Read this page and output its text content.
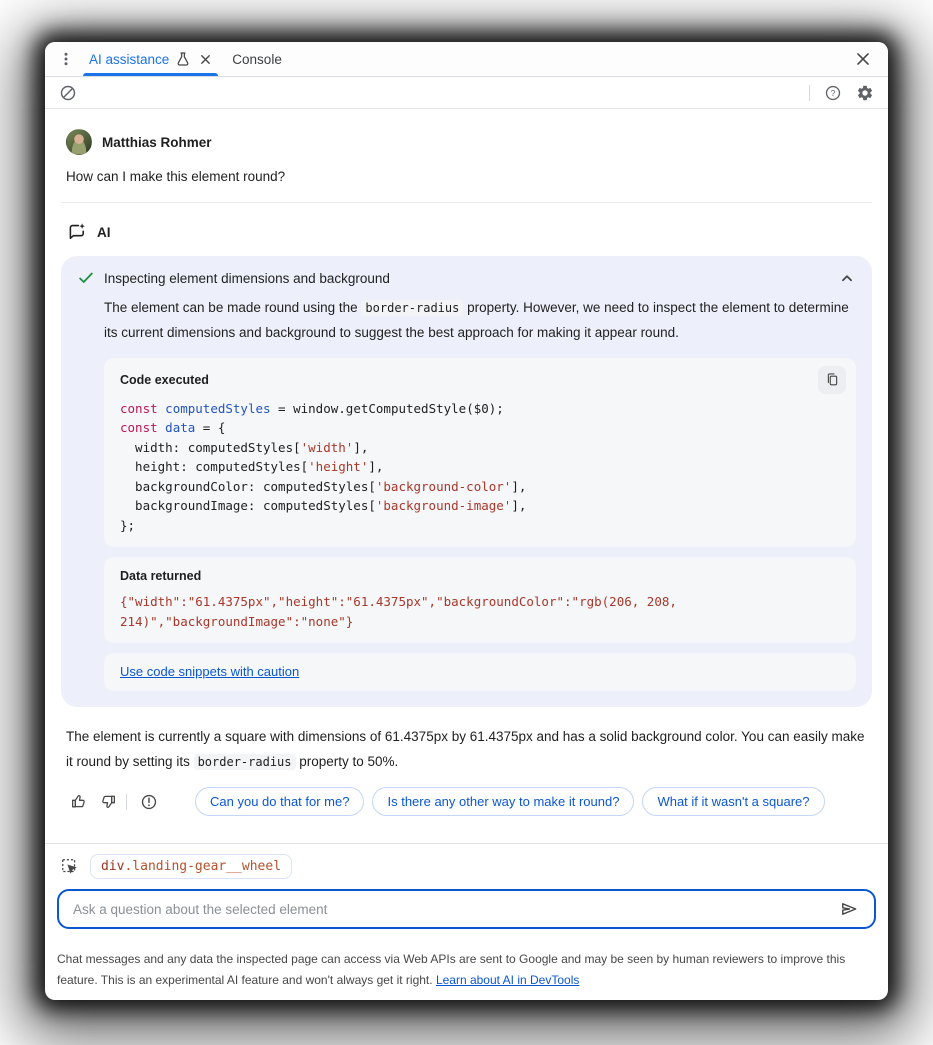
AI assistance	Console
?
Matthias Rohmer
How can I make this element round?
AI
Inspecting element dimensions and background
The element can be made round using the border-radius property. However, we need to inspect the element to determine its current dimensions and background to suggest the best approach for making it appear round.
Code executed
const computedStyles = window.getComputedStyle($0);
const data = {
width: computedStyles['width'],
height: computedStyles['height'],
backgroundColor: computedStyles['background-color'],
backgroundImage: computedStyles['background-image'],
};
Data returned
{"width":"61.4375px","height":"61.4375px","backgroundColor":"rgb(206, 208,
214)","backgroundImage":"none"}
Use code snippets with caution
The element is currently a square with dimensions of 61.4375px by 61.4375px and has a solid background color. You can easily make it round by setting its border-radius property to 50%.
Can you do that for me?	Is there any other way to make it round?	What if it wasn't a square?
div.landing-gear__wheel
Ask a question about the selected element
Chat messages and any data the inspected page can access via Web APIs are sent to Google and may be seen by human reviewers to improve this feature. This is an experimental AI feature and won't always get it right. Learn about AI in DevTools
